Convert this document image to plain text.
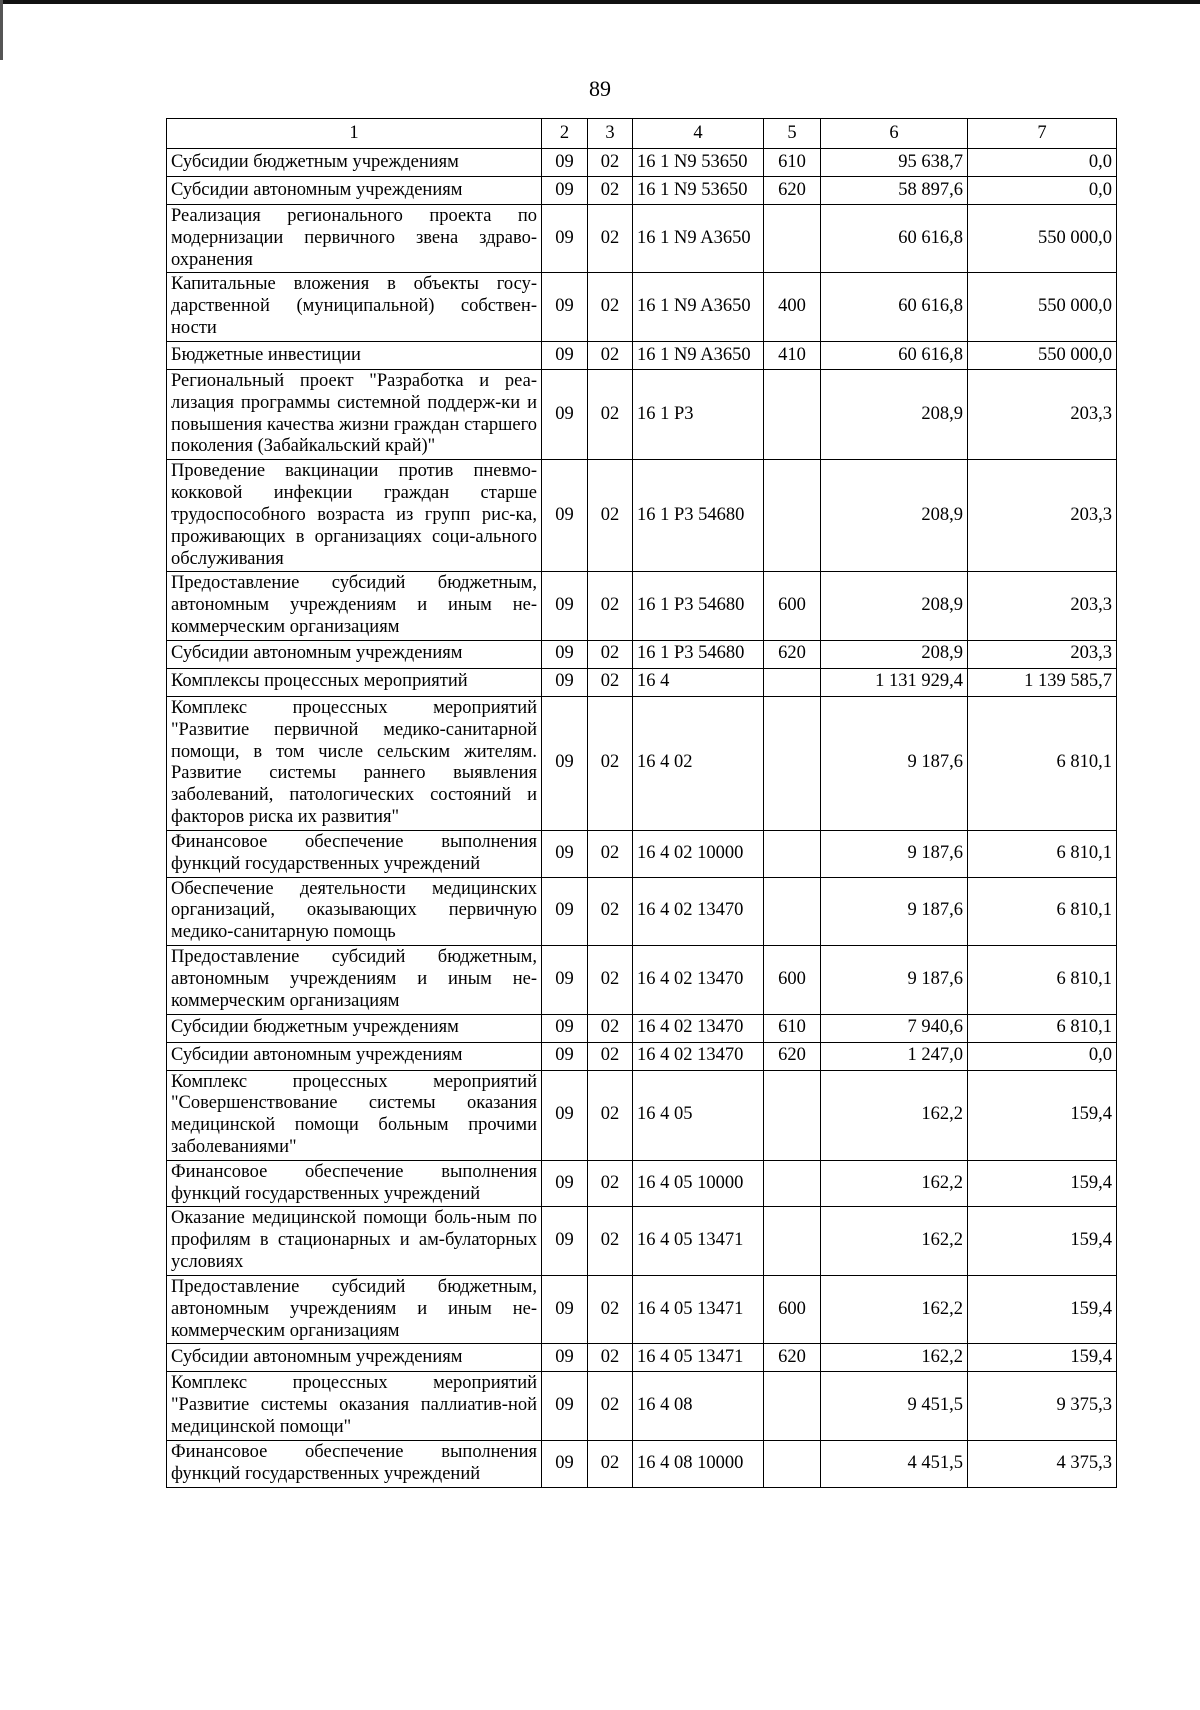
89
1	2	3	4	5	6	7
Субсидии бюджетным учреждениям	09	02	16 1 N9 53650	610	95 638,7	0,0
Субсидии автономным учреждениям	09	02	16 1 N9 53650	620	58 897,6	0,0
Реализация регионального проекта по модернизации первичного звена здраво-охранения	09	02	16 1 N9 A3650		60 616,8	550 000,0
Капитальные вложения в объекты госу-дарственной (муниципальной) собствен-ности	09	02	16 1 N9 A3650	400	60 616,8	550 000,0
Бюджетные инвестиции	09	02	16 1 N9 A3650	410	60 616,8	550 000,0
Региональный проект "Разработка и реа-лизация программы системной поддерж-ки и повышения качества жизни граждан старшего поколения (Забайкальский край)"	09	02	16 1 P3		208,9	203,3
Проведение вакцинации против пневмо-кокковой инфекции граждан старше трудоспособного возраста из групп рис-ка, проживающих в организациях соци-ального обслуживания	09	02	16 1 P3 54680		208,9	203,3
Предоставление субсидий бюджетным, автономным учреждениям и иным не-коммерческим организациям	09	02	16 1 P3 54680	600	208,9	203,3
Субсидии автономным учреждениям	09	02	16 1 P3 54680	620	208,9	203,3
Комплексы процессных мероприятий	09	02	16 4		1 131 929,4	1 139 585,7
Комплекс процессных мероприятий "Развитие первичной медико-санитарной помощи, в том числе сельским жителям. Развитие системы раннего выявления заболеваний, патологических состояний и факторов риска их развития"	09	02	16 4 02		9 187,6	6 810,1
Финансовое обеспечение выполнения функций государственных учреждений	09	02	16 4 02 10000		9 187,6	6 810,1
Обеспечение деятельности медицинских организаций, оказывающих первичную медико-санитарную помощь	09	02	16 4 02 13470		9 187,6	6 810,1
Предоставление субсидий бюджетным, автономным учреждениям и иным не-коммерческим организациям	09	02	16 4 02 13470	600	9 187,6	6 810,1
Субсидии бюджетным учреждениям	09	02	16 4 02 13470	610	7 940,6	6 810,1
Субсидии автономным учреждениям	09	02	16 4 02 13470	620	1 247,0	0,0
Комплекс процессных мероприятий "Совершенствование системы оказания медицинской помощи больным прочими заболеваниями"	09	02	16 4 05		162,2	159,4
Финансовое обеспечение выполнения функций государственных учреждений	09	02	16 4 05 10000		162,2	159,4
Оказание медицинской помощи боль-ным по профилям в стационарных и ам-булаторных условиях	09	02	16 4 05 13471		162,2	159,4
Предоставление субсидий бюджетным, автономным учреждениям и иным не-коммерческим организациям	09	02	16 4 05 13471	600	162,2	159,4
Субсидии автономным учреждениям	09	02	16 4 05 13471	620	162,2	159,4
Комплекс процессных мероприятий "Развитие системы оказания паллиатив-ной медицинской помощи"	09	02	16 4 08		9 451,5	9 375,3
Финансовое обеспечение выполнения функций государственных учреждений	09	02	16 4 08 10000		4 451,5	4 375,3
